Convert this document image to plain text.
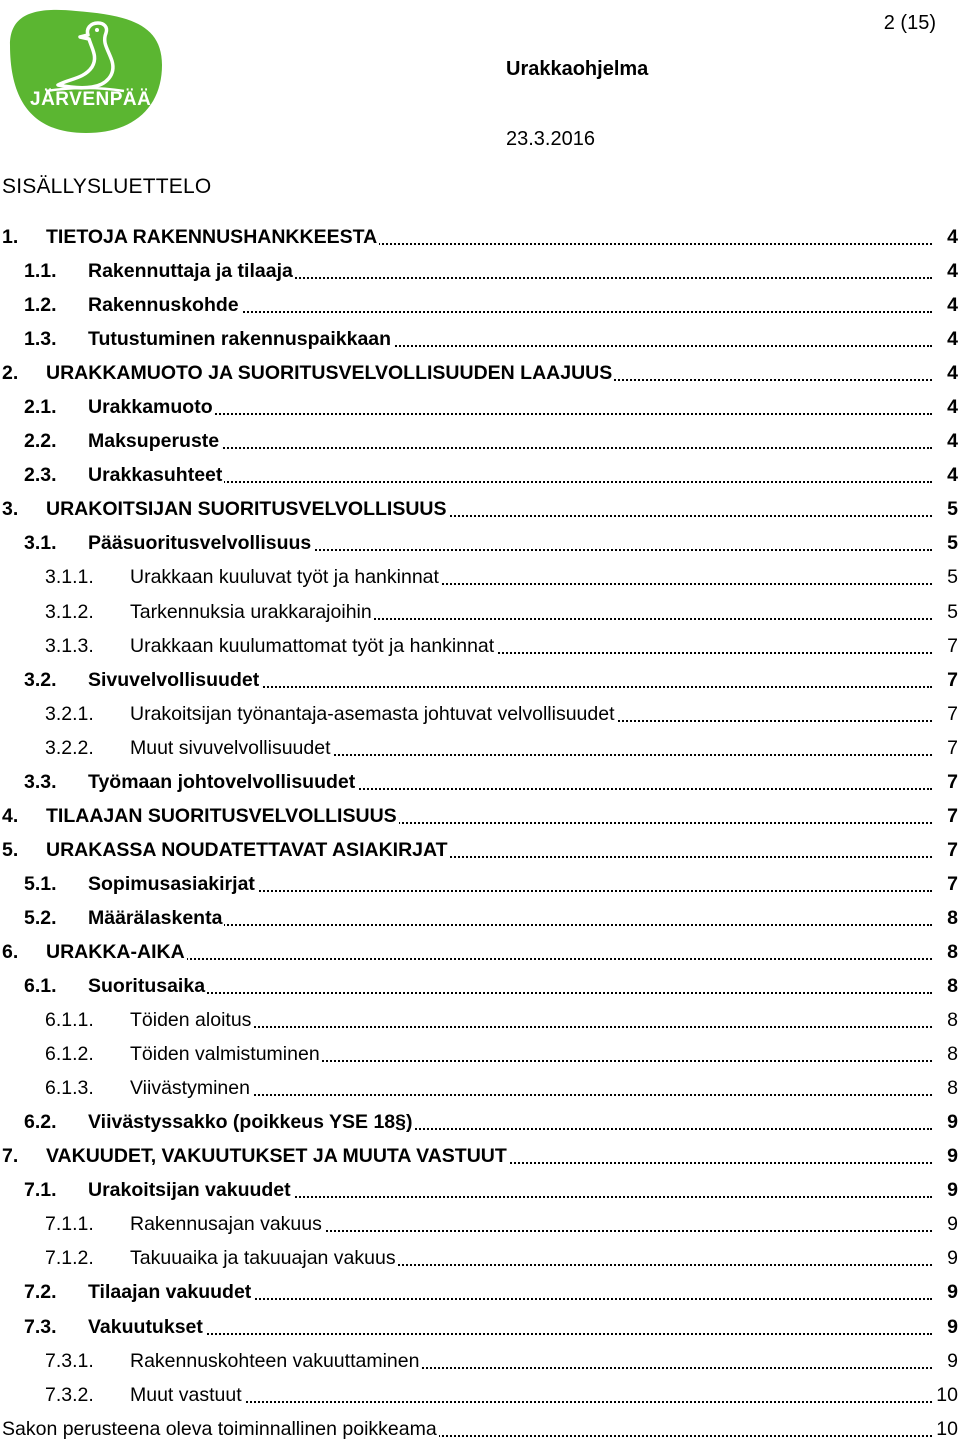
JÄRVENPÄÄ
2 (15)
Urakkaohjelma
23.3.2016
SISÄLLYSLUETTELO
1. TIETOJA RAKENNUSHANKKEESTA	4
1.1. Rakennuttaja ja tilaaja	4
1.2. Rakennuskohde	4
1.3. Tutustuminen rakennuspaikkaan	4
2. URAKKAMUOTO JA SUORITUSVELVOLLISUUDEN LAAJUUS	4
2.1. Urakkamuoto	4
2.2. Maksuperuste	4
2.3. Urakkasuhteet	4
3. URAKOITSIJAN SUORITUSVELVOLLISUUS	5
3.1. Pääsuoritusvelvollisuus	5
3.1.1. Urakkaan kuuluvat työt ja hankinnat	5
3.1.2. Tarkennuksia urakkarajoihin	5
3.1.3. Urakkaan kuulumattomat työt ja hankinnat	7
3.2. Sivuvelvollisuudet	7
3.2.1. Urakoitsijan työnantaja-asemasta johtuvat velvollisuudet	7
3.2.2. Muut sivuvelvollisuudet	7
3.3. Työmaan johtovelvollisuudet	7
4. TILAAJAN SUORITUSVELVOLLISUUS	7
5. URAKASSA NOUDATETTAVAT ASIAKIRJAT	7
5.1. Sopimusasiakirjat	7
5.2. Määrälaskenta	8
6. URAKKA-AIKA	8
6.1. Suoritusaika	8
6.1.1. Töiden aloitus	8
6.1.2. Töiden valmistuminen	8
6.1.3. Viivästyminen	8
6.2. Viivästyssakko (poikkeus YSE 18§)	9
7. VAKUUDET, VAKUUTUKSET JA MUUTA VASTUUT	9
7.1. Urakoitsijan vakuudet	9
7.1.1. Rakennusajan vakuus	9
7.1.2. Takuuaika ja takuuajan vakuus	9
7.2. Tilaajan vakuudet	9
7.3. Vakuutukset	9
7.3.1. Rakennuskohteen vakuuttaminen	9
7.3.2. Muut vastuut	10
Sakon perusteena oleva toiminnallinen poikkeama	10
